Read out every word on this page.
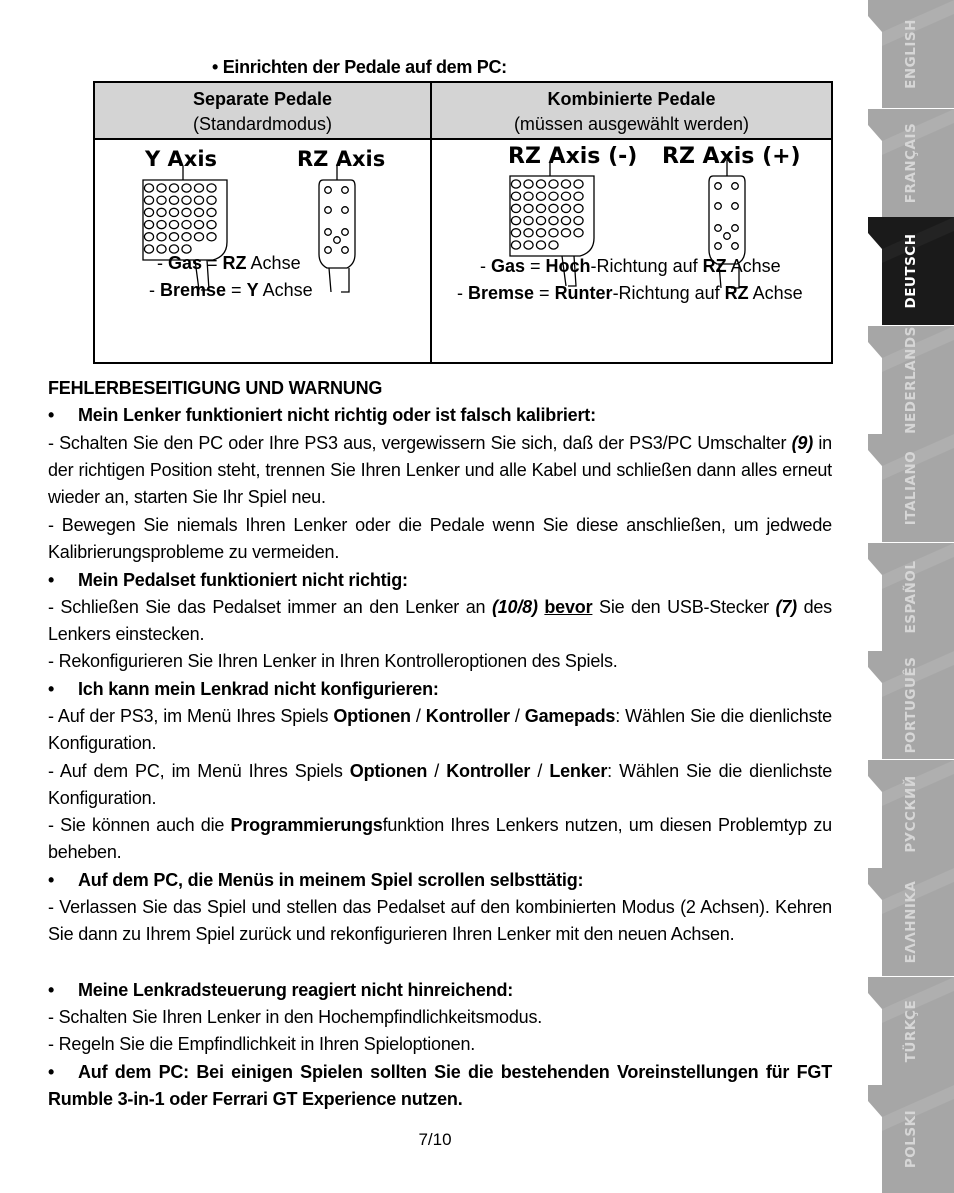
• Einrichten der Pedale auf dem PC:
Separate Pedale
(Standardmodus)
Kombinierte Pedale
(müssen ausgewählt werden)
Y Axis	RZ Axis	RZ Axis (-) RZ Axis (+)
- Gas = RZ Achse
- Bremse = Y Achse
- Gas = Hoch-Richtung auf RZ Achse
- Bremse = Runter-Richtung auf RZ Achse
FEHLERBESEITIGUNG UND WARNUNG
• Mein Lenker funktioniert nicht richtig oder ist falsch kalibriert:
- Schalten Sie den PC oder Ihre PS3 aus, vergewissern Sie sich, daß der PS3/PC Umschalter (9) in der richtigen Position steht, trennen Sie Ihren Lenker und alle Kabel und schließen dann alles erneut wieder an, starten Sie Ihr Spiel neu.
- Bewegen Sie niemals Ihren Lenker oder die Pedale wenn Sie diese anschließen, um jedwede Kalibrierungsprobleme zu vermeiden.
• Mein Pedalset funktioniert nicht richtig:
- Schließen Sie das Pedalset immer an den Lenker an (10/8) bevor Sie den USB-Stecker (7) des Lenkers einstecken.
- Rekonfigurieren Sie Ihren Lenker in Ihren Kontrolleroptionen des Spiels.
• Ich kann mein Lenkrad nicht konfigurieren:
- Auf der PS3, im Menü Ihres Spiels Optionen / Kontroller / Gamepads: Wählen Sie die dienlichste Konfiguration.
- Auf dem PC, im Menü Ihres Spiels Optionen / Kontroller / Lenker: Wählen Sie die dienlichste Konfiguration.
- Sie können auch die Programmierungsfunktion Ihres Lenkers nutzen, um diesen Problemtyp zu beheben.
• Auf dem PC, die Menüs in meinem Spiel scrollen selbsttätig:
- Verlassen Sie das Spiel und stellen das Pedalset auf den kombinierten Modus (2 Achsen). Kehren Sie dann zu Ihrem Spiel zurück und rekonfigurieren Ihren Lenker mit den neuen Achsen.
• Meine Lenkradsteuerung reagiert nicht hinreichend:
- Schalten Sie Ihren Lenker in den Hochempfindlichkeitsmodus.
- Regeln Sie die Empfindlichkeit in Ihren Spieloptionen.
• Auf dem PC: Bei einigen Spielen sollten Sie die bestehenden Voreinstellungen für FGT Rumble 3-in-1 oder Ferrari GT Experience nutzen.
7/10
ENGLISH
FRANÇAIS
DEUTSCH
NEDERLANDS
ITALIANO
ESPAÑOL
PORTUGUÊS
РУССКИЙ
ΕΛΛΗΝΙΚΑ
TÜRKÇE
POLSKI
